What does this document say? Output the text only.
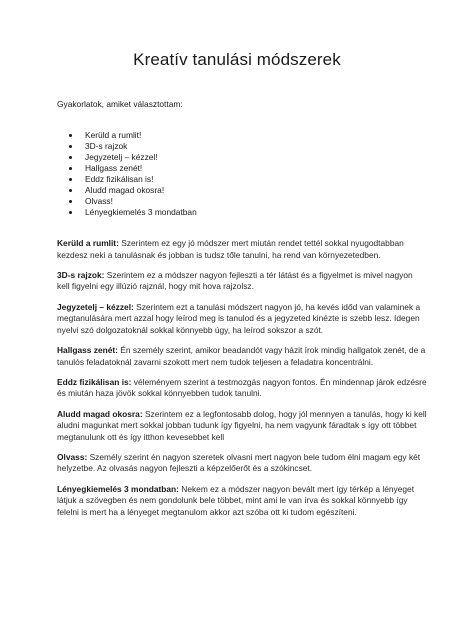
Kreatív tanulási módszerek
Gyakorlatok, amiket választottam:
Kerüld a rumlit!
3D-s rajzok
Jegyzetelj – kézzel!
Hallgass zenét!
Eddz fizikálisan is!
Aludd magad okosra!
Olvass!
Lényegkiemelés 3 mondatban

Kerüld a rumlit: Szerintem ez egy jó módszer mert miután rendet tettél sokkal nyugodtabban kezdesz neki a tanulásnak és jobban is tudsz tőle tanulni, ha rend van környezetedben.

3D-s rajzok: Szerintem ez a módszer nagyon fejleszti a tér látást és a figyelmet is mivel nagyon kell figyelni egy illúzió rajznál, hogy mit hova rajzolsz.

Jegyzetelj – kézzel: Szerintem ezt a tanulási módszert nagyon jó, ha kevés időd van valaminek a megtanulására mert azzal hogy leírod meg is tanulod és a jegyzeted kinézte is szebb lesz. Idegen nyelvi szó dolgozatoknál sokkal könnyebb úgy, ha leírod sokszor a szót.

Hallgass zenét: Én személy szerint, amikor beadandót vagy házit írok mindig hallgatok zenét, de a tanulós feladatoknál zavarni szokott mert nem tudok teljesen a feladatra koncentrálni.

Eddz fizikálisan is: véleményem szerint a testmozgás nagyon fontos. Én mindennap járok edzésre és miután haza jövök sokkal könnyebben tudok tanulni.

Aludd magad okosra: Szerintem ez a legfontosabb dolog, hogy jól mennyen a tanulás, hogy ki kell aludni magunkat mert sokkal jobban tudunk így figyelni, ha nem vagyunk fáradtak s így ott többet megtanulunk ott és így itthon kevesebbet kell

Olvass: Személy szerint én nagyon szeretek olvasni mert nagyon bele tudom élni magam egy két helyzetbe. Az olvasás nagyon fejleszti a képzelőerőt és a szókincset.

Lényegkiemelés 3 mondatban: Nekem ez a módszer nagyon bevált mert így térkép a lényeget látjuk a szövegben és nem gondolunk bele többet, mint ami le van írva és sokkal könnyebb így felelni is mert ha a lényeget megtanulom akkor azt szóba ott ki tudom egészíteni.
